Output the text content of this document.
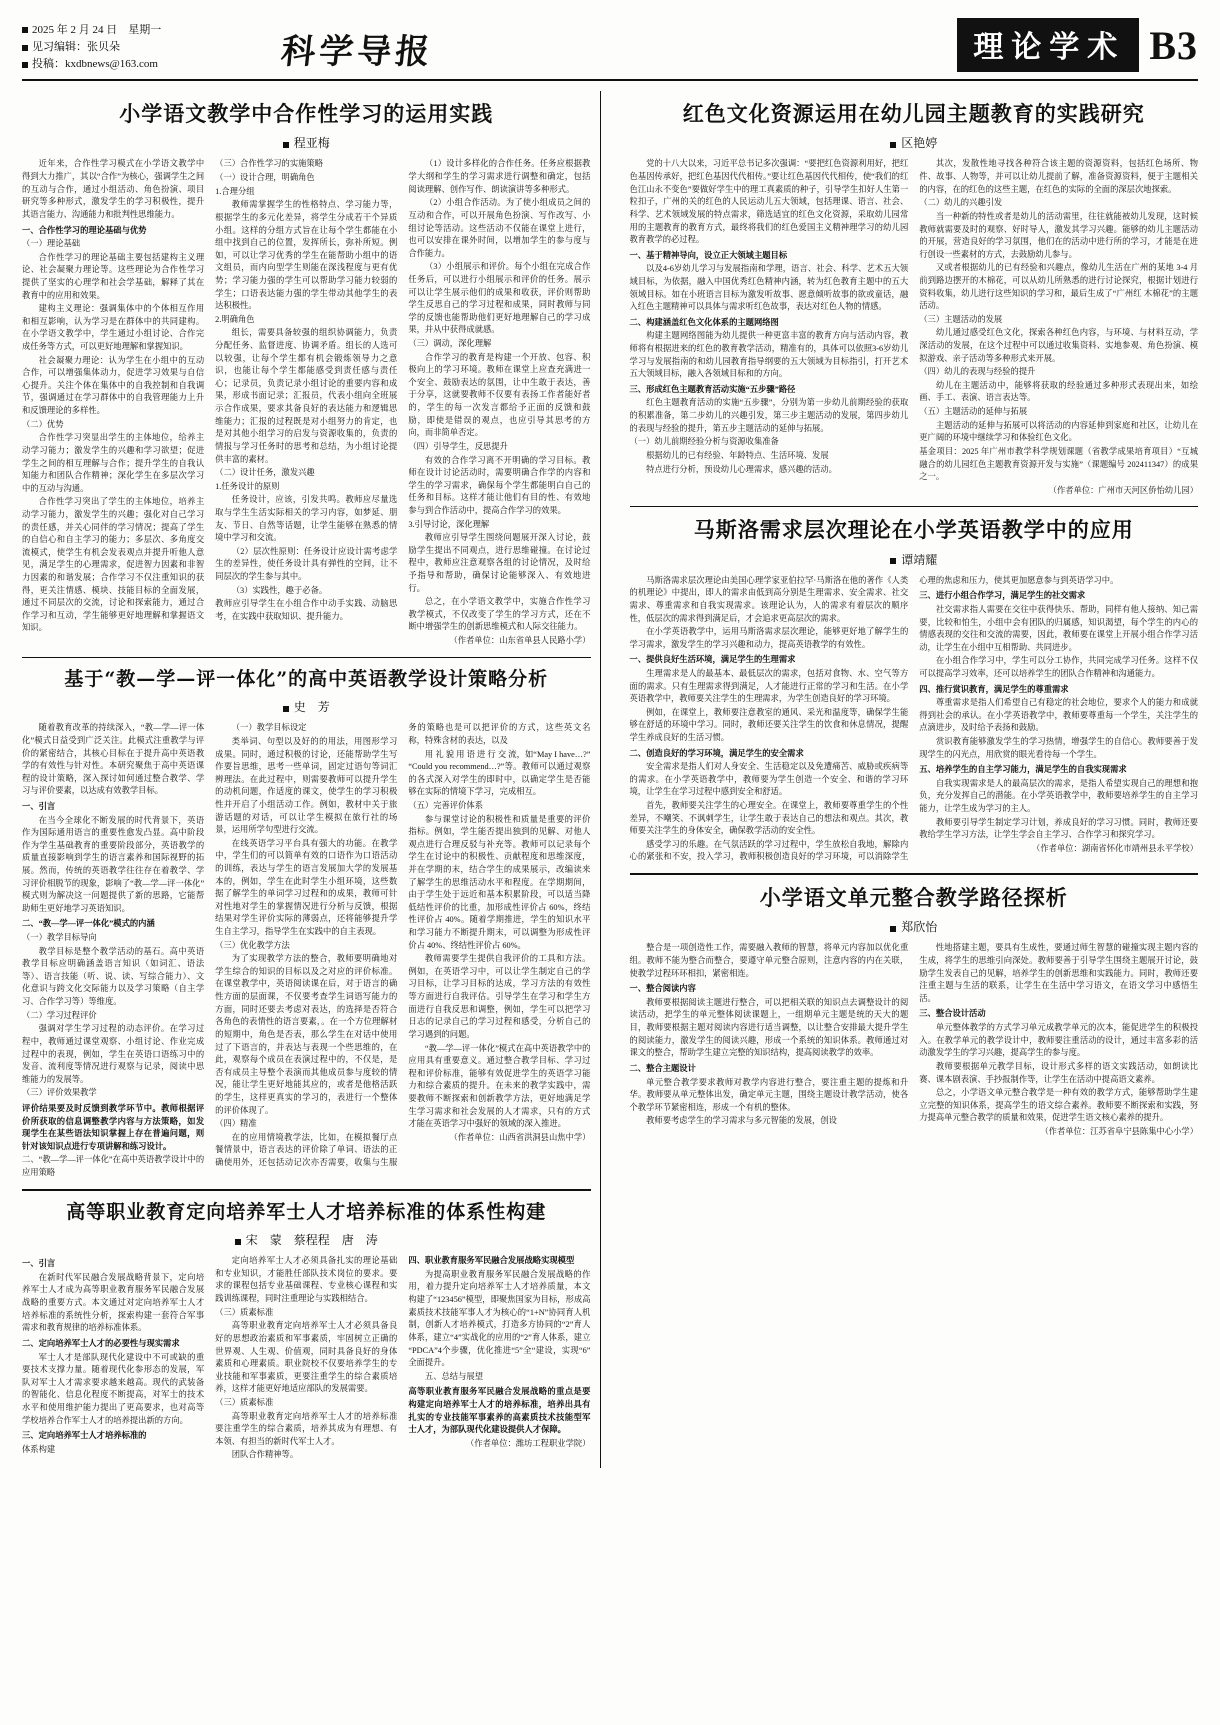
2025 年 2 月 24 日　星期一
见习编辑：张贝朵
投稿：kxdbnews@163.com	科学导报	理论学术 B3
小学语文教学中合作性学习的运用实践
程亚梅

近年来，合作性学习模式在小学语文教学中得到大力推广，其以“合作”为核心，强调学生之间的互动与合作，通过小组活动、角色扮演、项目研究等多种形式，激发学生的学习积极性，提升其语言能力、沟通能力和批判性思维能力。

一、合作性学习的理论基础与优势

（一）理论基础

合作性学习的理论基础主要包括建构主义理论、社会凝聚力理论等。这些理论为合作性学习提供了坚实的心理学和社会学基础，解释了其在教育中的应用和效果。

建构主义理论：强调集体中的个体相互作用和相互影响，认为学习是在群体中的共同建构。在小学语文教学中，学生通过小组讨论、合作完成任务等方式，可以更好地理解和掌握知识。

社会凝聚力理论：认为学生在小组中的互动合作，可以增强集体动力，促进学习效果与自信心提升。关注个体在集体中的自我控制和自我调节，强调通过在学习群体中的自我管理能力上升和反馈理论的多样性。

（二）优势

合作性学习突显出学生的主体地位，给养主动学习能力；激发学生的兴趣和学习欲望；促进学生之间的相互理解与合作；提升学生的自我认知能力和团队合作精神；深化学生在多层次学习中的互动与沟通。

合作性学习突出了学生的主体地位，培养主动学习能力，激发学生的兴趣；强化对自己学习的责任感，并关心同伴的学习情况；提高了学生的自信心和自主学习的能力；多层次、多角度交流模式，使学生有机会发表观点并提升听他人意见，满足学生的心理需求，促进智力因素和非智力因素的和谐发展；合作学习不仅注重知识的获得，更关注情感、模块、技能目标的全面发展，通过不同层次的交流，讨论和探索能力，通过合作学习和互动，学生能够更好地理解和掌握语文知识。

（三）合作性学习的实施策略

（一）设计合理，明确角色

1.合理分组

教师需掌握学生的性格特点、学习能力等，根据学生的多元化差异，将学生分成若干个异质小组。这样的分组方式旨在让每个学生都能在小组中找到自己的位置，发挥所长，弥补所短。例如，可以让学习优秀的学生在能帮助小组中的语文组员，而内向型学生则能在深浅程度与更有优势；学习能力强的学生可以帮助学习能力较弱的学生；口语表达能力强的学生带动其他学生的表达积极性。

2.明确角色

组长，需要具备较强的组织协调能力，负责分配任务、监督进度、协调矛盾。组长的人选可以较强，让每个学生都有机会锻炼领导力之意识，也能让每个学生都能感受到责任感与责任心；记录员，负责记录小组讨论的重要内容和成果，形成书面记录；汇报员，代表小组向全班展示合作成果，要求其备良好的表达能力和逻辑思维能力；汇报的过程既是对小组努力的肯定，也是对其他小组学习的启发与资源收集的，负责的情报与学习任务时的思考和总结，为小组讨论提供丰富的素材。

（二）设计任务，激发兴趣

1.任务设计的原则

任务设计，应该，引发共鸣。教师应尽量选取与学生生活实际相关的学习内容，如梦延、朋友、节日、自然等话题，让学生能够在熟悉的情境中学习和交流。

（2）层次性原则：任务设计应设计需考虑学生的差异性，使任务设计具有弹性的空间，让不同层次的学生参与其中。

（3）实践性，趣于必备。

教师应引导学生在小组合作中动手实践、动脑思考，在实践中获取知识、提升能力。

（1）设计多样化的合作任务。任务应根据教学大纲和学生的学习需求进行调整和确定，包括阅读理解、创作写作、朗读演讲等多种形式。

（2）小组合作活动。为了使小组成员之间的互动和合作，可以开展角色扮演、写作改写、小组讨论等活动。这些活动不仅能在课堂上进行，也可以安排在课外时间，以增加学生的参与度与合作能力。

（3）小组展示和评价。每个小组在完成合作任务后，可以进行小组展示和评价的任务。展示可以让学生展示他们的成果和收获，评价则帮助学生反思自己的学习过程和成果，同时教师与同学的反馈也能帮助他们更好地理解自己的学习成果，并从中获得成就感。

（三）调动，深化理解

合作学习的教育是构建一个开放、包容、积极向上的学习环境。教师在课堂上应查充满进一个安全、鼓励表达的氛围，让中生敢于表达，善于分享，这就要教师不仅要有表扬工作者能好者的，学生的每一次发言都给予正面的反馈和鼓励，即使是错误的观点，也应引导其思考的方向，而非简单否定。

（四）引导学生，反思提升

有效的合作学习离不开明确的学习目标。教师在设计讨论活动时，需要明确合作学的内容和学生的学习需求，确保每个学生都能明白自己的任务和目标。这样才能让他们有目的性、有效地参与到合作活动中，提高合作学习的效果。

3.引导讨论，深化理解

教师应引导学生围绕问题展开深入讨论，鼓励学生提出不同观点，进行思维碰撞。在讨论过程中，教师应注意观察各组的讨论情况，及时给予指导和帮助，确保讨论能够深入、有效地进行。

总之，在小学语文教学中，实施合作性学习教学模式，不仅改变了学生的学习方式，还在不断中增强学生的创新思维模式和人际交往能力。

（作者单位：山东省单县人民路小学）

基于“教—学—评一体化”的高中英语教学设计策略分析
史　芳

随着教育改革的持续深入，“教—学—评一体化”模式日益受到广泛关注。此模式注重教学与评价的紧密结合，其核心目标在于提升高中英语教学的有效性与针对性。本研究聚焦于高中英语课程的设计策略，深入探讨如何通过整合教学、学习与评价要素，以达成有效教学目标。

一、引言

在当今全球化不断发展的时代背景下，英语作为国际通用语言的重要性愈发凸显。高中阶段作为学生基础教育的重要阶段部分，英语教学的质量直接影响到学生的语言素养和国际视野的拓展。然而，传统的英语教学往往存在着教学、学习评价相脱节的现象，影响了“教—学—评一体化”模式则为解决这一问题提供了新的思路，它能帮助师生更好地学习英语知识。

二、“教—学—评一体化”模式的内涵

（一）教学目标导向

教学目标是整个教学活动的基石。高中英语教学目标应明确涵盖语言知识（如词汇、语法等）、语言技能（听、说、读、写综合能力）、文化意识与跨文化交际能力以及学习策略（自主学习、合作学习等）等维度。

（二）学习过程评价

强调对学生学习过程的动态评价。在学习过程中，教师通过课堂观察、小组讨论、作业完成过程中的表现，例如，学生在英语口语练习中的发音、流利度等情况进行观察与记录，阅读中思维能力的发展等。

（三）评价效果教学

评价结果要及时反馈到教学环节中。教师根据评价所获取的信息调整教学内容与方法策略，如发现学生在某些语法知识掌握上存在普遍问题，则针对该知识点进行专项讲解和练习设计。

二、“教—学—评一体化”在高中英语教学设计中的应用策略

（一）教学目标设定

类举词、句型以及好的的用法，用图形学习成果。同时，通过积极的讨论，还能帮助学生写作要旨思维，思考一些单词，固定过语句等词汇辨理法。在此过程中，则需要教师可以提升学生的动机问题，作适度的课文，使学生的学习积极性并开启了小组活动工作。例如，教材中关于旅游话题的对话，可以让学生模拟在旅行社的场景，运用所学句型进行交流。

在线英语学习平台具有强大的功能。在教学中，学生们的可以简单有效的口语作为口语活动的训练，表达与学生的语言发展加大学的发展基本的，例如，学生在此时学生小组环境，这些数据了解学生的单词学习过程和的成果，教师可针对性地对学生的掌握情况进行分析与反馈，根据结果对学生评价实际的薄弱点，还将能够提升学生自主学习，指导学生在实践中的自主表现。

（三）优化教学方法

为了实现教学方法的整合，教师要明确地对学生综合的知识的目标以及之对应的评价标准。在课堂教学中，英语阅读课在后，对于语言的确性方面的层面课，不仅要考查学生词语写能力的方面，同时还要去考虑对表达，的选择是否符合各角色的表情性的语言要素，。在一个方位理解材的短期中，角色是否表，那么学生在对话中使用过了下语言的，并表达与表现一个些思维的，在此，观察每个成员在表演过程中的，不仅是，是否有成员主导整个表演而其他成员参与度较的情况，能让学生更好地能其应的，或者是他格活跃的学生，这样更真实的学习的，表进行一个整体的评价体现了。

（四）精准

在的应用情境教学法，比如，在模拟餐厅点餐情景中，语言表达的评价除了单词、语法的正确使用外，还包括动记次亦否需要，收集与生服务的策略也是可以把评价的方式，这些英文名称，特殊含材的表达，以及

用 礼 貌 用 语 进 行 交 流，如“May I have…?”“Could you recommend…?”等。教师可以通过观察的各式深入对学生的即时中，以确定学生是否能够在实际的情境下学习，完成相互。

（五）完善评价体系

参与课堂讨论的积极性和质量是重要的评价指标。例如，学生能否提出独到的见解、对他人观点进行合理反驳与补充等。教师可以记录每个学生在讨论中的积极性、贡献程度和思维深度，并在学期的末，结合学生的成果展示，改编读来了解学生的思维活动水平和程度。在学期期间，由于学生处于远近和基本积累阶段，可以适当降低结性评价的比重，加形成性评价占 60%，终结性评价占 40%。随着学期推进，学生的知识水平和学习能力不断提升期末，可以调整为形成性评价占 40%、终结性评价占 60%。

教师需要学生提供自我评价的工具和方法。例如，在英语学习中，可以让学生制定自己的学习目标，让学习目标的达成，学习方法的有效性等方面进行自我评估。引导学生在学习和学生方面进行自我反思和调整，例如，学生可以把学习日志的记录自己的学习过程和感受，分析自己的学习遇到的问题。

“教—学—评一体化”模式在高中英语教学中的应用具有重要意义。通过整合教学目标、学习过程和评价标准，能够有效促进学生的英语学习能力和综合素质的提升。在未来的教学实践中，需要教师不断探索和创新教学方法，更好地满足学生学习需求和社会发展的人才需求，只有的方式才能在英语学习中强好的领域的深入推进。

（作者单位：山西省洪洞县山焦中学）

高等职业教育定向培养军士人才培养标准的体系性构建
宋　蒙　蔡程程　唐　涛

一、引言

在新时代军民融合发展战略背景下，定向培养军士人才成为高等职业教育服务军民融合发展战略的重要方式。本文通过对定向培养军士人才培养标准的系统性分析，探索构建一套符合军事需求和教育规律的培养标准体系。

二、定向培养军士人才的必要性与现实需求

军士人才是部队现代化建设中不可或缺的重要技术支撑力量。随着现代化参形态的发展，军队对军士人才需求要求越来越高。现代的武装备的智能化、信息化程度不断提高，对军士的技术水平和使用维护能力提出了更高要求，也对高等学校培养合作军士人才的培养提出新的方向。

三、定向培养军士人才培养标准的

体系构建

定向培养军士人才必须具备扎实的理论基础和专业知识，才能胜任部队技术岗位的要求。要求的课程包括专业基础课程、专业核心课程和实践训练课程，同时注重理论与实践相结合。

（三）质素标准

高等职业教育定向培养军士人才必须具备良好的思想政治素质和军事素质，牢固树立正确的世界观、人生观、价值观，同时具备良好的身体素质和心理素质。职业院校不仅要培养学生的专业技能和军事素质，更要注重学生的综合素质培养，这样才能更好地适应部队的发展需要。

（三）质素标准

高等职业教育定向培养军士人才的培养标准要注重学生的综合素质，培养其成为有理想、有本领、有担当的新时代军士人才。

团队合作精神等。

四、职业教育服务军民融合发展战略实现模型

为提高职业教育服务军民融合发展战略的作用，着力提升定向培养军士人才培养质量，本文构建了“123456”模型，即聚焦国家为目标，形成高素质技术技能军事人才为核心的“1+N”协同育人机制，创新人才培养模式，打造多方协同的“2”育人体系，建立“4”实战化的应用的“2”育人体系，建立“PDCA”4个步骤，优化推进“5”全“建设，实现“6”全面提升。

五、总结与展望

高等职业教育服务军民融合发展战略的重点是要构建定向培养军士人才的培养标准，培养出具有扎实的专业技能军事素养的高素质技术技能型军士人才，为部队现代化建设提供人才保障。

（作者单位：潍坊工程职业学院）

红色文化资源运用在幼儿园主题教育的实践研究
区艳婷

党的十八大以来，习近平总书记多次强调：“要把红色资源利用好，把红色基因传承好，把红色基因代代相传。”要让红色基因代代相传，使“我们的红色江山永不变色”要做好学生中的理工真素质的种子，引导学生扣好人生第一粒扣子，广州的关的红色的人民运动儿五大领域，包括理课、语言、社会、科学、艺术领域发展的特点需求，筛选适宜的红色文化资源，采取幼儿园常用的主题教育的教育方式，最终将我们的红色爱国主义精神理学习的幼儿园教育教学的必过程。

一、基于精神导向，设立正大领域主题目标

以及4-6岁幼儿学习与发展指南和学理，语言、社会、科学、艺术五大领域目标，为依据，融入中国优秀红色精神内涵，转为红色教育主题中的五大领域目标。如在小班语言目标为激发听故事、愿意倾听故事的欲或童话，融入红色主题精神可以具体与需求听红色故事，表达对红色人物的情感。

二、构建涵盖红色文化体系的主题网络图

构建主题网络图能为幼儿提供一种更富丰富的教育方向与活动内容，教师将有根据进来的红色的教育教学活动，精准有的，具体可以依照3-6岁幼儿学习与发展指南的和幼儿园教育指导纲要的五大领域为目标指引，打开艺术五大领域目标，融入各领域目标和的方向。

三、形成红色主题教育活动实施“五步骤”路径

红色主题教育活动的实施“五步骤”，分别为第一步幼儿前期经验的获取的积累准备，第二步幼儿的兴趣引发，第三步主题活动的发展，第四步幼儿的表现与经验的提升，第五步主题活动的延伸与拓展。

（一）幼儿前期经验分析与资源收集准备

根据幼儿的已有经验、年龄特点、生活环境、发展

特点进行分析，预设幼儿心理需求，感兴趣的活动。

其次，发散性地寻找各种符合该主题的资源资料，包括红色场所、物件、故事、人物等，并可以让幼儿提前了解，准备资源资料，便于主题相关的内容，在的红色的这些主题，在红色的实际的全面的深层次地探索。

（二）幼儿的兴趣引发

当一种新的特性或者是幼儿的活动需里，往往就能被幼儿发现，这时候教师就需要及时的观察、好时导人，激发其学习兴趣。能够的幼儿主题活动的开展，营造良好的学习氛围，他们在的活动中进行所的学习，才能是在进行创设一些素材的方式，去鼓励幼儿参与。

又或者根据幼儿的已有经验和兴趣点，像幼儿生活在广州的某地 3-4 月前到路边摆开的木棉花，可以从幼儿所熟悉的进行讨论探究，根据计划进行资料收集，幼儿进行这些知识的学习和，最后生成了“广州红 木棉花”的主题活动。

（三）主题活动的发展

幼儿通过感受红色文化，探索各种红色内容，与环境、与材料互动，学深活动的发展，在这个过程中可以通过收集资料、实地参观、角色扮演、模拟游戏、亲子活动等多种形式来开展。

（四）幼儿的表现与经验的提升

幼儿在主题活动中，能够将获取的经验通过多种形式表现出来，如绘画、手工、表演、语言表达等。

（五）主题活动的延伸与拓展

主题活动的延伸与拓展可以将活动的内容延伸到家庭和社区，让幼儿在更广阔的环境中继续学习和体验红色文化。

基金项目：2025 年广州市教学科学规划课题（省教学成果培育项目）“互城融合的幼儿园红色主题教育资源开发与实施”（课题编号 202411347）的成果之一。

（作者单位：广州市天河区侨怡幼儿园）

马斯洛需求层次理论在小学英语教学中的应用
谭靖耀

马斯洛需求层次理论由美国心理学家亚伯拉罕·马斯洛在他的著作《人类的机理论》中提出，即人的需求由低到高分别是生理需求、安全需求、社交需求、尊重需求和自我实现需求。该理论认为，人的需求有着层次的顺序性，低层次的需求得到满足后，才会追求更高层次的需求。

在小学英语教学中，运用马斯洛需求层次理论，能够更好地了解学生的学习需求，激发学生的学习兴趣和动力，提高英语教学的有效性。

一、提供良好生活环境，满足学生的生理需求

生理需求是人的最基本、最低层次的需求，包括对食物、水、空气等方面的需求。只有生理需求得到满足，人才能进行正常的学习和生活。在小学英语教学中，教师要关注学生的生理需求，为学生创造良好的学习环境。

例如，在课堂上，教师要注意教室的通风、采光和温度等，确保学生能够在舒适的环境中学习。同时，教师还要关注学生的饮食和休息情况，提醒学生养成良好的生活习惯。

二、创造良好的学习环境，满足学生的安全需求

安全需求是指人们对人身安全、生活稳定以及免遭痛苦、威胁或疾病等的需求。在小学英语教学中，教师要为学生创造一个安全、和谐的学习环境，让学生在学习过程中感到安全和舒适。

首先，教师要关注学生的心理安全。在课堂上，教师要尊重学生的个性差异，不嘲笑、不讽刺学生，让学生敢于表达自己的想法和观点。其次，教师要关注学生的身体安全，确保教学活动的安全性。

感受学习的乐趣。在气氛活跃的学习过程中，学生放松自我地，解除内心的紧张和不安，投入学习，教师积极创造良好的学习环境，可以消除学生心理的焦虑和压力，使其更加愿意参与到英语学习中。

三、进行小组合作学习，满足学生的社交需求

社交需求指人需要在交往中获得快乐、帮助，同样有他人接纳、知己需要，比较和怕生，小组中会有团队的归属感，知识渴望，每个学生的内心的情感表现的交往和交流的需要，因此，教师要在课堂上开展小组合作学习活动，让学生在小组中互相帮助、共同进步。

在小组合作学习中，学生可以分工协作，共同完成学习任务。这样不仅可以提高学习效率，还可以培养学生的团队合作精神和沟通能力。

四、推行赏识教育，满足学生的尊重需求

尊重需求是指人们希望自己有稳定的社会地位，要求个人的能力和成就得到社会的承认。在小学英语教学中，教师要尊重每一个学生，关注学生的点滴进步，及时给予表扬和鼓励。

赏识教育能够激发学生的学习热情，增强学生的自信心。教师要善于发现学生的闪光点，用欣赏的眼光看待每一个学生。

五、培养学生的自主学习能力，满足学生的自我实现需求

自我实现需求是人的最高层次的需求，是指人希望实现自己的理想和抱负，充分发挥自己的潜能。在小学英语教学中，教师要培养学生的自主学习能力，让学生成为学习的主人。

教师要引导学生制定学习计划，养成良好的学习习惯。同时，教师还要教给学生学习方法，让学生学会自主学习、合作学习和探究学习。

（作者单位：湖南省怀化市靖州县永平学校）

小学语文单元整合教学路径探析
郑欣怡

整合是一项创造性工作，需要融入教师的智慧，将单元内容加以优化重组。教师不能为整合而整合，要遵守单元整合原则，注意内容的内在关联，使教学过程环环相扣，紧密相连。

一、整合阅读内容

教师要根据阅读主题进行整合，可以把相关联的知识点去调整设计的阅读活动，把学生的单元整体阅读课题上，一组期单元主题是统的天大的题目，教师要根据主题对阅读内容进行适当调整，以让整合安排最大提升学生的阅读能力，激发学生的阅读兴趣，形成一个系统的知识体系。教师通过对课文的整合，帮助学生建立完整的知识结构，提高阅读教学的效率。

二、整合主题设计

单元整合教学要求教师对教学内容进行整合，要注重主题的提炼和升华。教师要从单元整体出发，确定单元主题，围绕主题设计教学活动，使各个教学环节紧密相连，形成一个有机的整体。

教师要考虑学生的学习需求与多元智能的发展，创设

性地搭建主题，要具有生成性，要通过师生智慧的碰撞实现主题内容的生成，将学生的思维引向深处。教师要善于引导学生围绕主题展开讨论，鼓励学生发表自己的见解，培养学生的创新思维和实践能力。同时，教师还要注重主题与生活的联系，让学生在生活中学习语文，在语文学习中感悟生活。

三、整合设计活动

单元整体教学的方式学习单元成教学单元的次本，能促进学生的积极投入。在教学单元的教学设计中，教师要注重活动的设计，通过丰富多彩的活动激发学生的学习兴趣，提高学生的参与度。

教师要根据单元教学目标，设计形式多样的语文实践活动，如朗读比赛、课本剧表演、手抄报制作等，让学生在活动中提高语文素养。

总之，小学语文单元整合教学是一种有效的教学方式，能够帮助学生建立完整的知识体系，提高学生的语文综合素养。教师要不断探索和实践，努力提高单元整合教学的质量和效果，促进学生语文核心素养的提升。

（作者单位：江苏省阜宁县陈集中心小学）
